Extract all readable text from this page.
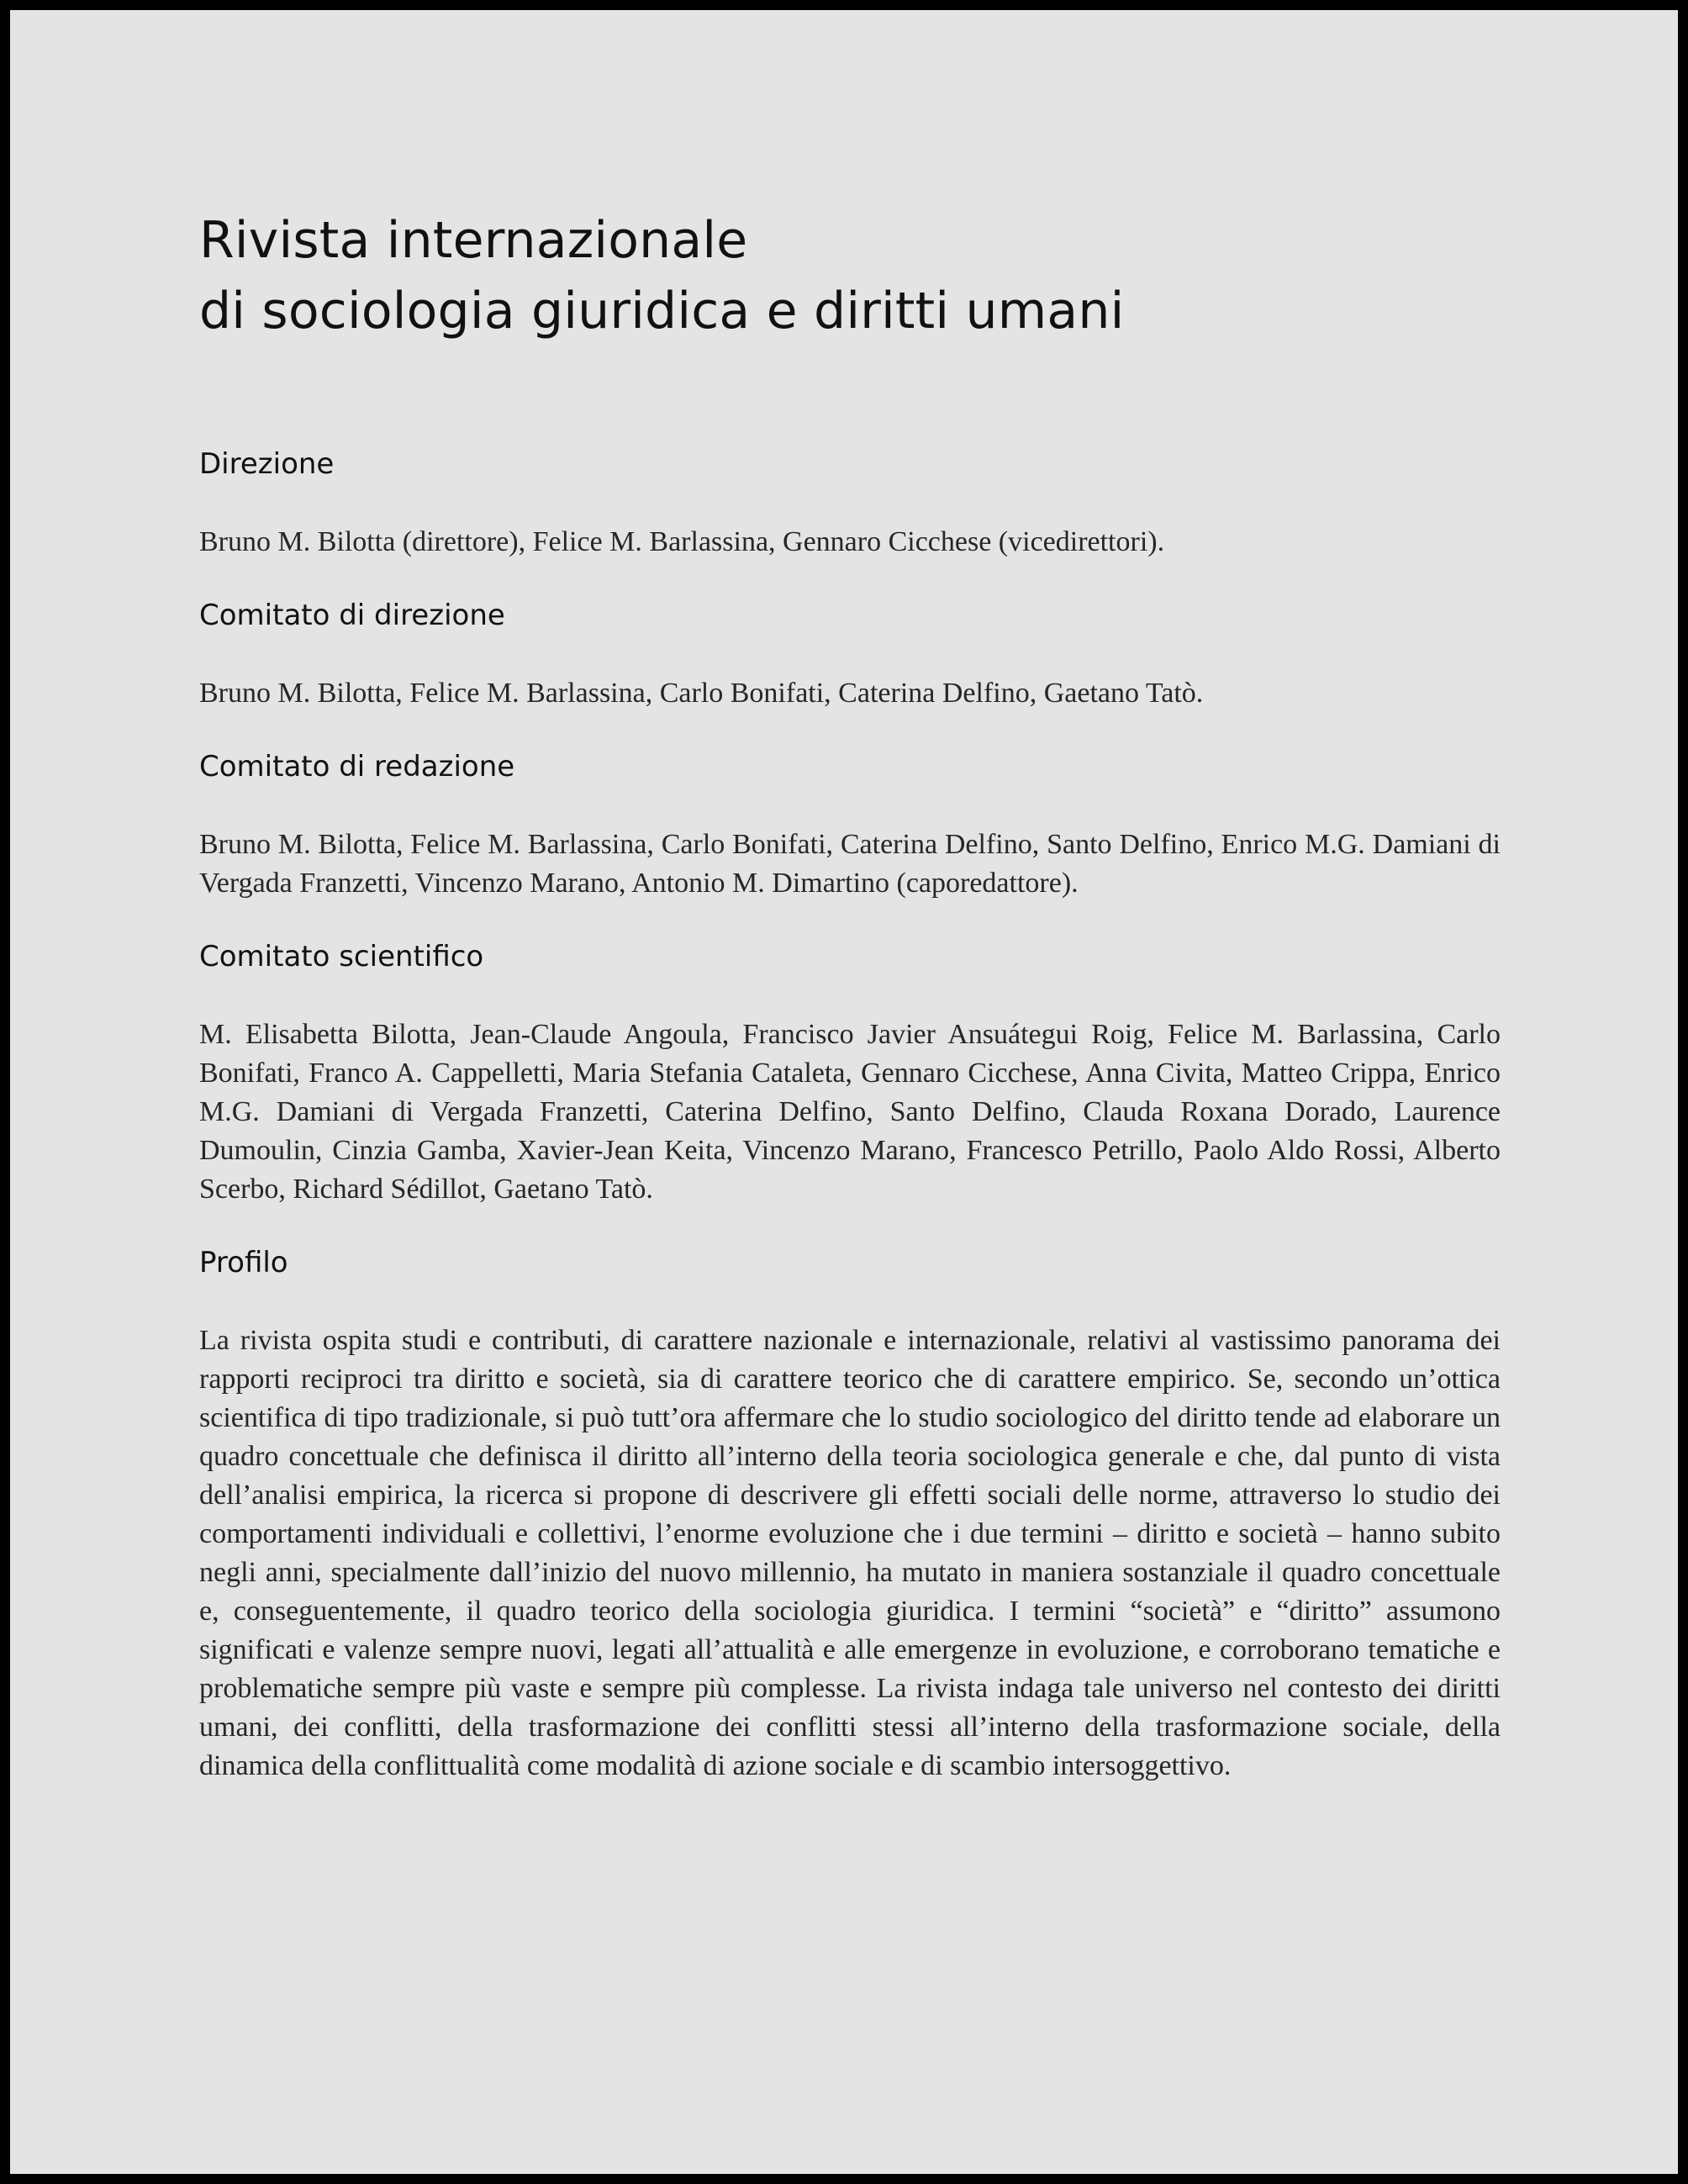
Rivista internazionale
di sociologia giuridica e diritti umani
Direzione

Bruno M. Bilotta (direttore), Felice M. Barlassina, Gennaro Cicchese (vicedirettori).

Comitato di direzione

Bruno M. Bilotta, Felice M. Barlassina, Carlo Bonifati, Caterina Delfino, Gaetano Tatò.

Comitato di redazione

Bruno M. Bilotta, Felice M. Barlassina, Carlo Bonifati, Caterina Delfino, Santo Delfino, Enrico M.G. Damiani di Vergada Franzetti, Vincenzo Marano, Antonio M. Dimartino (caporedattore).

Comitato scientifico

M. Elisabetta Bilotta, Jean-Claude Angoula, Francisco Javier Ansuátegui Roig, Felice M. Barlassina, Carlo Bonifati, Franco A. Cappelletti, Maria Stefania Cataleta, Gennaro Cicchese, Anna Civita, Matteo Crippa, Enrico M.G. Damiani di Vergada Franzetti, Caterina Delfino, Santo Delfino, Clauda Roxana Dorado, Laurence Dumoulin, Cinzia Gamba, Xavier-Jean Keita, Vincenzo Marano, Francesco Petrillo, Paolo Aldo Rossi, Alberto Scerbo, Richard Sédillot, Gaetano Tatò.

Profilo

La rivista ospita studi e contributi, di carattere nazionale e internazionale, relativi al vastissimo panorama dei rapporti reciproci tra diritto e società, sia di carattere teorico che di carattere empirico. Se, secondo un’ottica scientifica di tipo tradizionale, si può tutt’ora affermare che lo studio sociologico del diritto tende ad elaborare un quadro concettuale che definisca il diritto all’interno della teoria sociologica generale e che, dal punto di vista dell’analisi empirica, la ricerca si propone di descrivere gli effetti sociali delle norme, attraverso lo studio dei comportamenti individuali e collettivi, l’enorme evoluzione che i due termini – diritto e società – hanno subito negli anni, specialmente dall’inizio del nuovo millennio, ha mutato in maniera sostanziale il quadro concettuale e, conseguentemente, il quadro teorico della sociologia giuridica. I termini “società” e “diritto” assumono significati e valenze sempre nuovi, legati all’attualità e alle emergenze in evoluzione, e corroborano tematiche e problematiche sempre più vaste e sempre più complesse. La rivista indaga tale universo nel contesto dei diritti umani, dei conflitti, della trasformazione dei conflitti stessi all’interno della trasformazione sociale, della dinamica della conflittualità come modalità di azione sociale e di scambio intersoggettivo.
